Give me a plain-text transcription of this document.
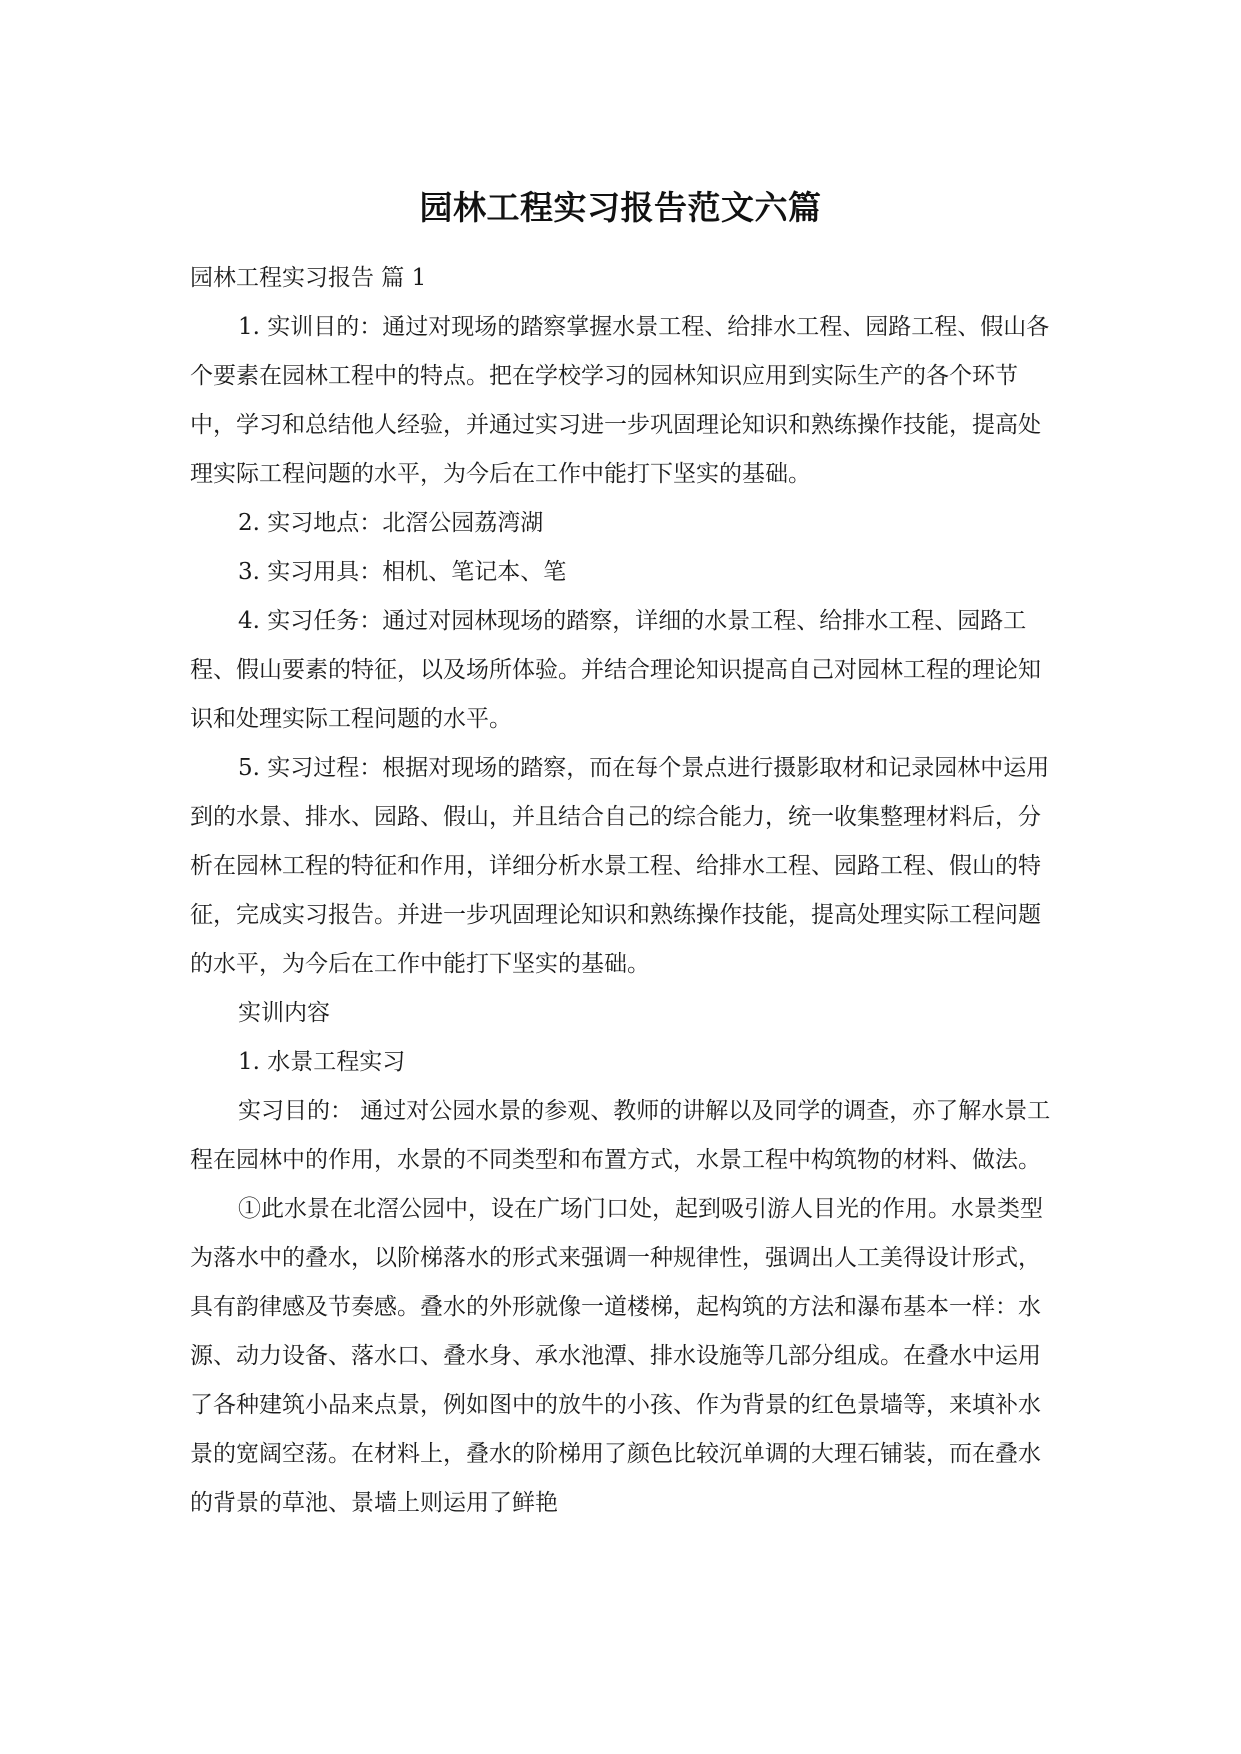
园林工程实习报告范文六篇

园林工程实习报告 篇 1

1. 实训目的：通过对现场的踏察掌握水景工程、给排水工程、园路工程、假山各个要素在园林工程中的特点。把在学校学习的园林知识应用到实际生产的各个环节中，学习和总结他人经验，并通过实习进一步巩固理论知识和熟练操作技能，提高处理实际工程问题的水平，为今后在工作中能打下坚实的基础。

2. 实习地点：北滘公园荔湾湖

3. 实习用具：相机、笔记本、笔

4. 实习任务：通过对园林现场的踏察，详细的水景工程、给排水工程、园路工程、假山要素的特征，以及场所体验。并结合理论知识提高自己对园林工程的理论知识和处理实际工程问题的水平。

5. 实习过程：根据对现场的踏察，而在每个景点进行摄影取材和记录园林中运用到的水景、排水、园路、假山，并且结合自己的综合能力，统一收集整理材料后，分析在园林工程的特征和作用，详细分析水景工程、给排水工程、园路工程、假山的特征，完成实习报告。并进一步巩固理论知识和熟练操作技能，提高处理实际工程问题的水平，为今后在工作中能打下坚实的基础。

实训内容

1. 水景工程实习

实习目的： 通过对公园水景的参观、教师的讲解以及同学的调查，亦了解水景工程在园林中的作用，水景的不同类型和布置方式，水景工程中构筑物的材料、做法。

①此水景在北滘公园中，设在广场门口处，起到吸引游人目光的作用。水景类型为落水中的叠水，以阶梯落水的形式来强调一种规律性，强调出人工美得设计形式，具有韵律感及节奏感。叠水的外形就像一道楼梯，起构筑的方法和瀑布基本一样：水源、动力设备、落水口、叠水身、承水池潭、排水设施等几部分组成。在叠水中运用了各种建筑小品来点景，例如图中的放牛的小孩、作为背景的红色景墙等，来填补水景的宽阔空荡。在材料上，叠水的阶梯用了颜色比较沉单调的大理石铺装，而在叠水的背景的草池、景墙上则运用了鲜艳
